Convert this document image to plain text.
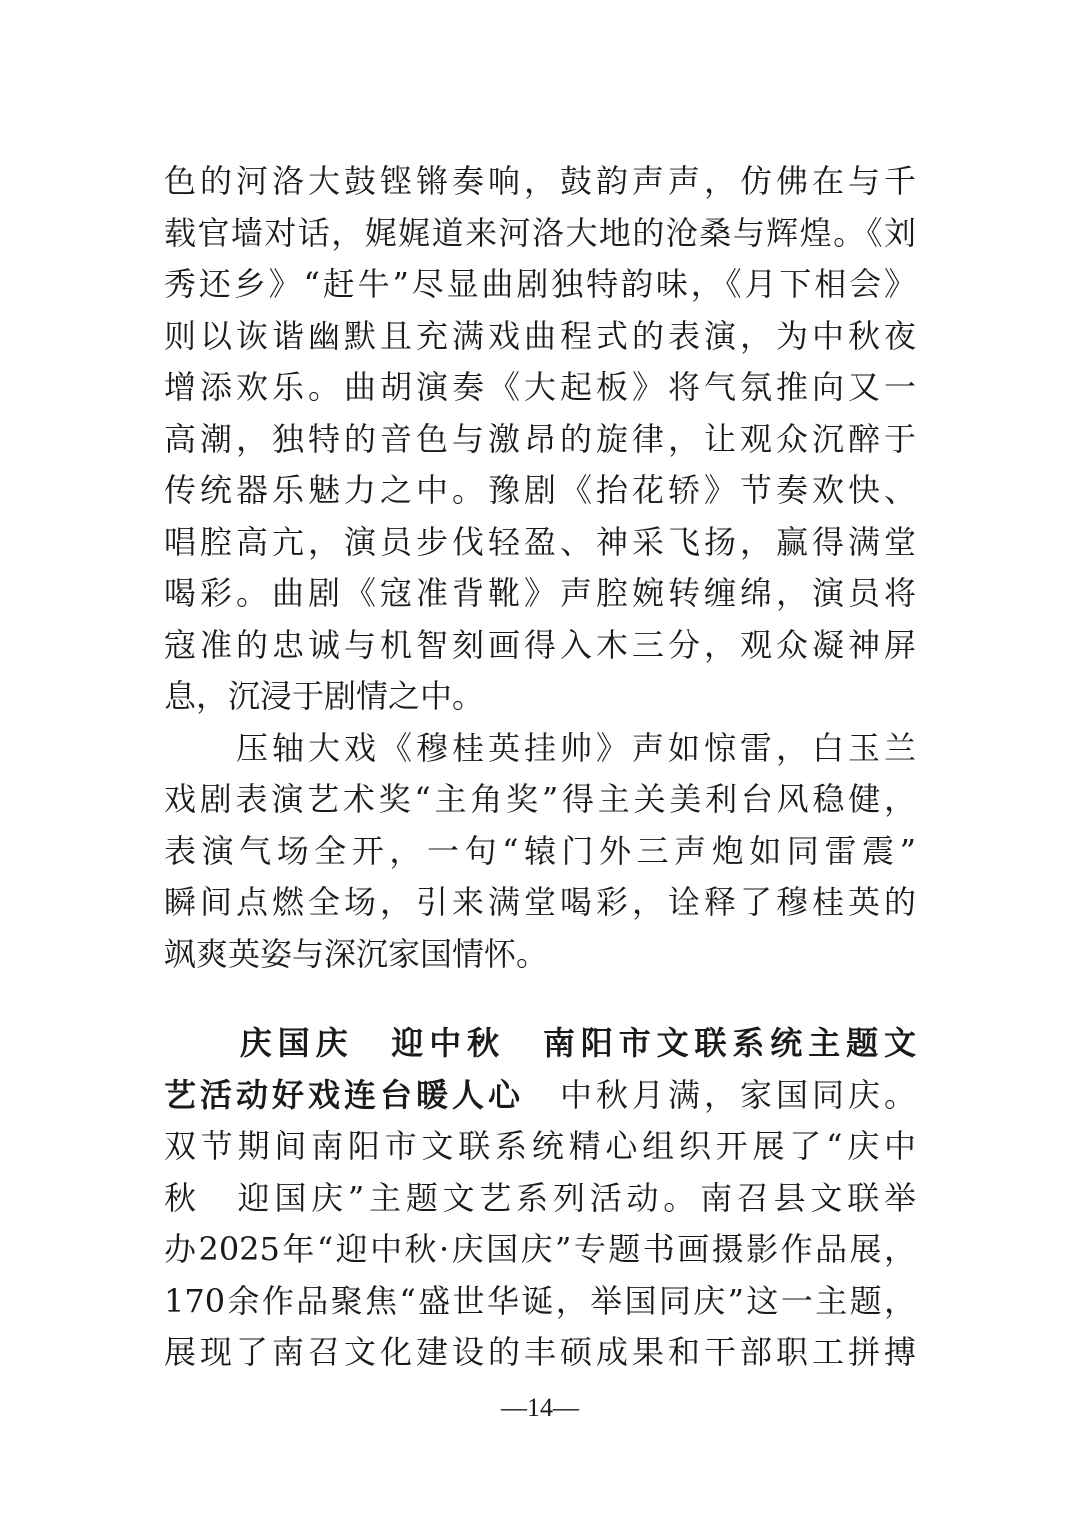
色的河洛大鼓铿锵奏响，鼓韵声声，仿佛在与千
载官墙对话，娓娓道来河洛大地的沧桑与辉煌。《刘
秀还乡》“赶牛”尽显曲剧独特韵味，《月下相会》
则以诙谐幽默且充满戏曲程式的表演，为中秋夜
增添欢乐。曲胡演奏《大起板》将气氛推向又一
高潮，独特的音色与激昂的旋律，让观众沉醉于
传统器乐魅力之中。豫剧《抬花轿》节奏欢快、
唱腔高亢，演员步伐轻盈、神采飞扬，赢得满堂
喝彩。曲剧《寇准背靴》声腔婉转缠绵，演员将
寇准的忠诚与机智刻画得入木三分，观众凝神屏
息，沉浸于剧情之中。
　　压轴大戏《穆桂英挂帅》声如惊雷，白玉兰
戏剧表演艺术奖“主角奖”得主关美利台风稳健，
表演气场全开，一句“辕门外三声炮如同雷震”
瞬间点燃全场，引来满堂喝彩，诠释了穆桂英的
飒爽英姿与深沉家国情怀。
　　庆国庆　迎中秋　南阳市文联系统主题文
艺活动好戏连台暖人心　中秋月满，家国同庆。
双节期间南阳市文联系统精心组织开展了“庆中
秋　迎国庆”主题文艺系列活动。南召县文联举
办2025年“迎中秋·庆国庆”专题书画摄影作品展，
170余作品聚焦“盛世华诞，举国同庆”这一主题，
展现了南召文化建设的丰硕成果和干部职工拼搏
—14—
